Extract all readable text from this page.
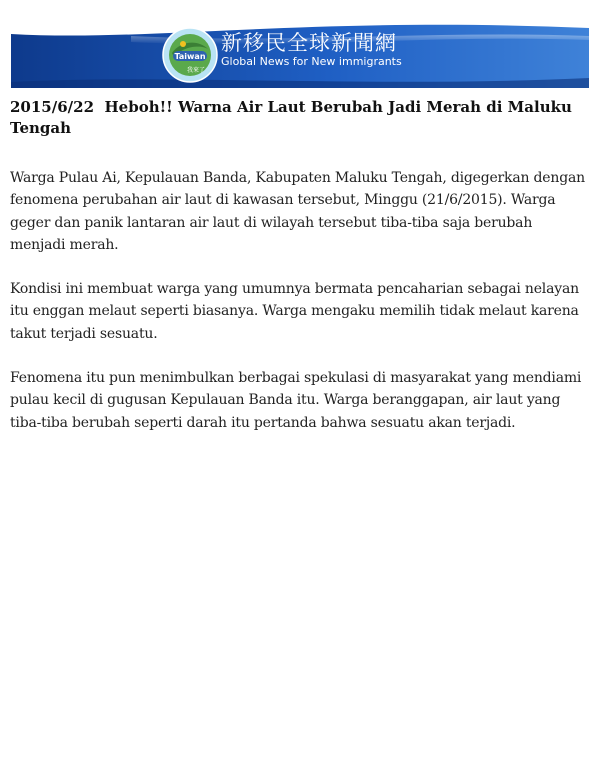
Taiwan
我來了
新移民全球新聞網
Global News for New immigrants
2015/6/22 Heboh!! Warna Air Laut Berubah Jadi Merah di Maluku Tengah

Warga Pulau Ai, Kepulauan Banda, Kabupaten Maluku Tengah, digegerkan dengan fenomena perubahan air laut di kawasan tersebut, Minggu (21/6/2015). Warga geger dan panik lantaran air laut di wilayah tersebut tiba-tiba saja berubah menjadi merah.

Kondisi ini membuat warga yang umumnya bermata pencaharian sebagai nelayan itu enggan melaut seperti biasanya. Warga mengaku memilih tidak melaut karena takut terjadi sesuatu.

Fenomena itu pun menimbulkan berbagai spekulasi di masyarakat yang mendiami pulau kecil di gugusan Kepulauan Banda itu. Warga beranggapan, air laut yang tiba-tiba berubah seperti darah itu pertanda bahwa sesuatu akan terjadi.
